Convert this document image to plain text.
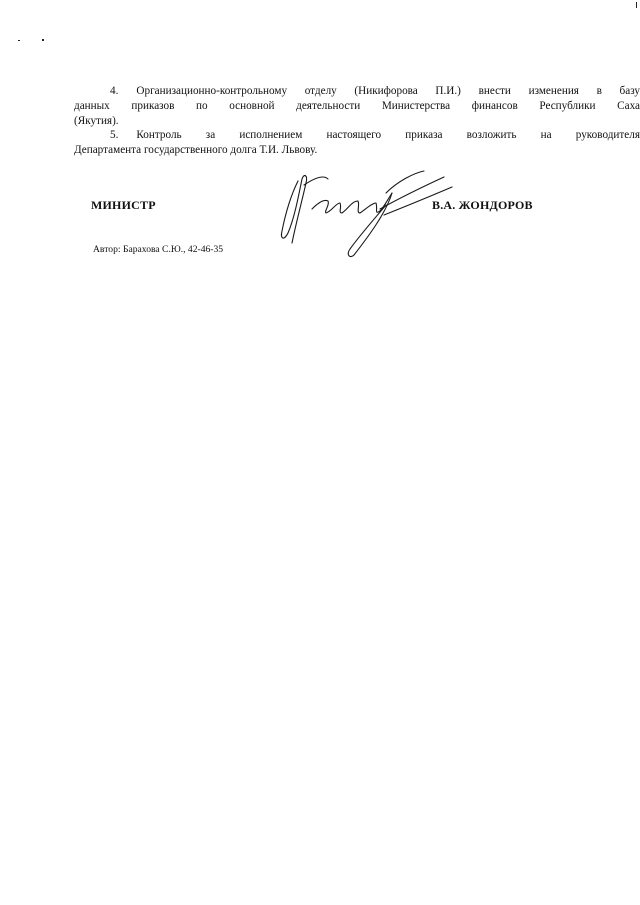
4. Организационно-контрольному отделу (Никифорова П.И.) внести изменения в базу
данных приказов по основной деятельности Министерства финансов Республики Саха
(Якутия).
5. Контроль за исполнением настоящего приказа возложить на руководителя
Департамента государственного долга Т.И. Львову.
МИНИСТР	В.А. ЖОНДОРОВ
Автор: Барахова С.Ю., 42-46-35
